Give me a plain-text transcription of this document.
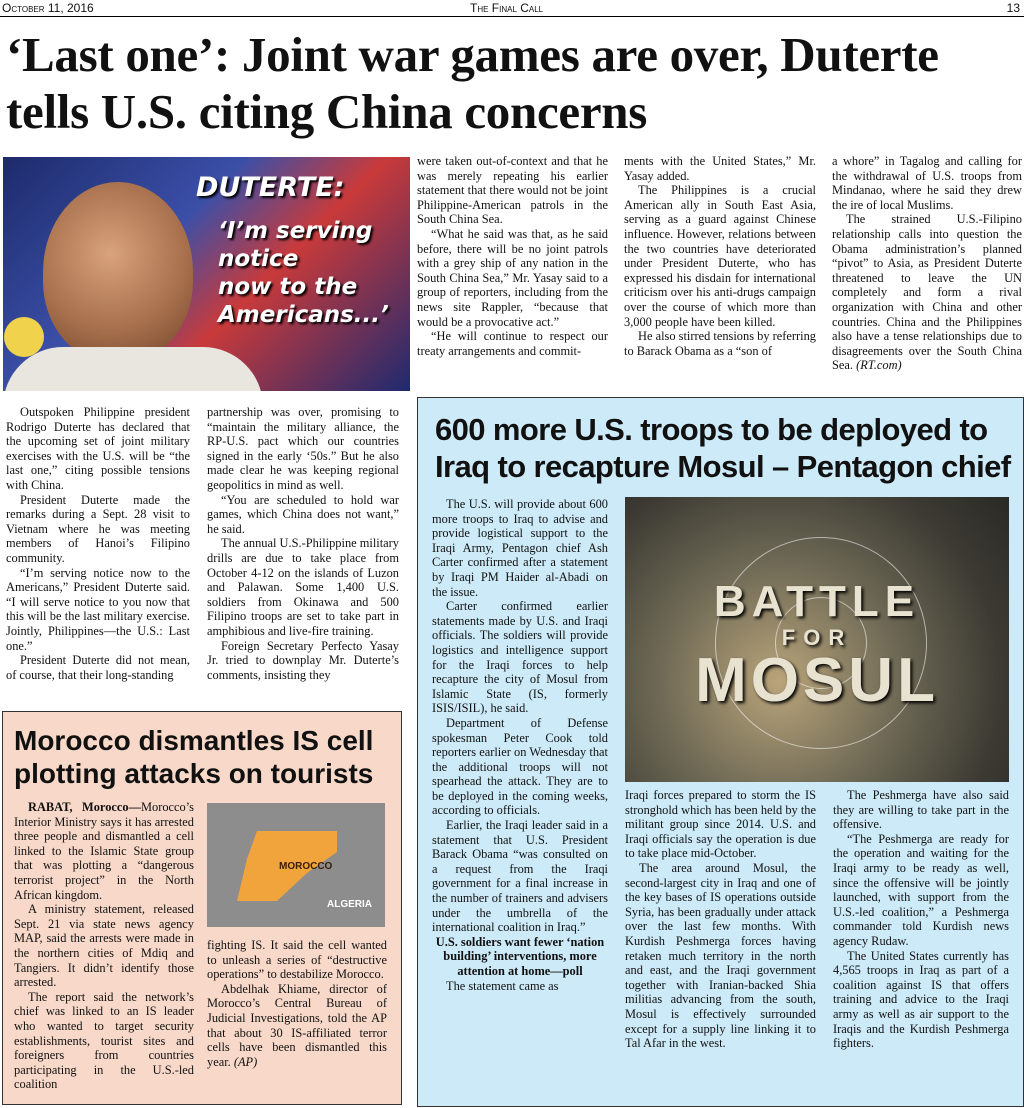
October 11, 2016	The Final Call	13
‘Last one’: Joint war games are over, Duterte tells U.S. citing China concerns
DUTERTE:
‘I’m serving
notice
now to the
Americans...’

Outspoken Philippine president Rodrigo Duterte has declared that the upcoming set of joint military exercises with the U.S. will be “the last one,” citing possible tensions with China.

President Duterte made the remarks during a Sept. 28 visit to Vietnam where he was meeting members of Hanoi’s Filipino community.

“I’m serving notice now to the Americans,” President Duterte said. “I will serve notice to you now that this will be the last military exercise. Jointly, Philippines—the U.S.: Last one.”

President Duterte did not mean, of course, that their long-standing

partnership was over, promising to “maintain the military alliance, the RP-U.S. pact which our countries signed in the early ‘50s.” But he also made clear he was keeping regional geopolitics in mind as well.

“You are scheduled to hold war games, which China does not want,” he said.

The annual U.S.-Philippine military drills are due to take place from October 4-12 on the islands of Luzon and Palawan. Some 1,400 U.S. soldiers from Okinawa and 500 Filipino troops are set to take part in amphibious and live-fire training.

Foreign Secretary Perfecto Yasay Jr. tried to downplay Mr. Duterte’s comments, insisting they

were taken out-of-context and that he was merely repeating his earlier statement that there would not be joint Philippine-American patrols in the South China Sea.

“What he said was that, as he said before, there will be no joint patrols with a grey ship of any nation in the South China Sea,” Mr. Yasay said to a group of reporters, including from the news site Rappler, “because that would be a provocative act.”

“He will continue to respect our treaty arrangements and commit-

ments with the United States,” Mr. Yasay added.

The Philippines is a crucial American ally in South East Asia, serving as a guard against Chinese influence. However, relations between the two countries have deteriorated under President Duterte, who has expressed his disdain for international criticism over his anti-drugs campaign over the course of which more than 3,000 people have been killed.

He also stirred tensions by referring to Barack Obama as a “son of

a whore” in Tagalog and calling for the withdrawal of U.S. troops from Mindanao, where he said they drew the ire of local Muslims.

The strained U.S.-Filipino relationship calls into question the Obama administration’s planned “pivot” to Asia, as President Duterte threatened to leave the UN completely and form a rival organization with China and other countries. China and the Philippines also have a tense relationships due to disagreements over the South China Sea. (RT.com)

Morocco dismantles IS cell
plotting attacks on tourists

RABAT, Morocco—Morocco’s Interior Ministry says it has arrested three people and dismantled a cell linked to the Islamic State group that was plotting a “dangerous terrorist project” in the North African kingdom.

A ministry statement, released Sept. 21 via state news agency MAP, said the arrests were made in the northern cities of Mdiq and Tangiers. It didn’t identify those arrested.

The report said the network’s chief was linked to an IS leader who wanted to target security establishments, tourist sites and foreigners from countries participating in the U.S.-led coalition

MOROCCO
ALGERIA

fighting IS. It said the cell wanted to unleash a series of “destructive operations” to destabilize Morocco.

Abdelhak Khiame, director of Morocco’s Central Bureau of Judicial Investigations, told the AP that about 30 IS-affiliated terror cells have been dismantled this year. (AP)

600 more U.S. troops to be deployed to
Iraq to recapture Mosul – Pentagon chief
BATTLE
FOR
MOSUL

The U.S. will provide about 600 more troops to Iraq to advise and provide logistical support to the Iraqi Army, Pentagon chief Ash Carter confirmed after a statement by Iraqi PM Haider al-Abadi on the issue.

Carter confirmed earlier statements made by U.S. and Iraqi officials. The soldiers will provide logistics and intelligence support for the Iraqi forces to help recapture the city of Mosul from Islamic State (IS, formerly ISIS/ISIL), he said.

Department of Defense spokesman Peter Cook told reporters earlier on Wednesday that the additional troops will not spearhead the attack. They are to be deployed in the coming weeks, according to officials.

Earlier, the Iraqi leader said in a statement that U.S. President Barack Obama “was consulted on a request from the Iraqi government for a final increase in the number of trainers and advisers under the umbrella of the international coalition in Iraq.”

U.S. soldiers want fewer ‘nation building’ interventions, more attention at home—poll

The statement came as

Iraqi forces prepared to storm the IS stronghold which has been held by the militant group since 2014. U.S. and Iraqi officials say the operation is due to take place mid-October.

The area around Mosul, the second-largest city in Iraq and one of the key bases of IS operations outside Syria, has been gradually under attack over the last few months. With Kurdish Peshmerga forces having retaken much territory in the north and east, and the Iraqi government together with Iranian-backed Shia militias advancing from the south, Mosul is effectively surrounded except for a supply line linking it to Tal Afar in the west.

The Peshmerga have also said they are willing to take part in the offensive.

“The Peshmerga are ready for the operation and waiting for the Iraqi army to be ready as well, since the offensive will be jointly launched, with support from the U.S.-led coalition,” a Peshmerga commander told Kurdish news agency Rudaw.

The United States currently has 4,565 troops in Iraq as part of a coalition against IS that offers training and advice to the Iraqi army as well as air support to the Iraqis and the Kurdish Peshmerga fighters.
